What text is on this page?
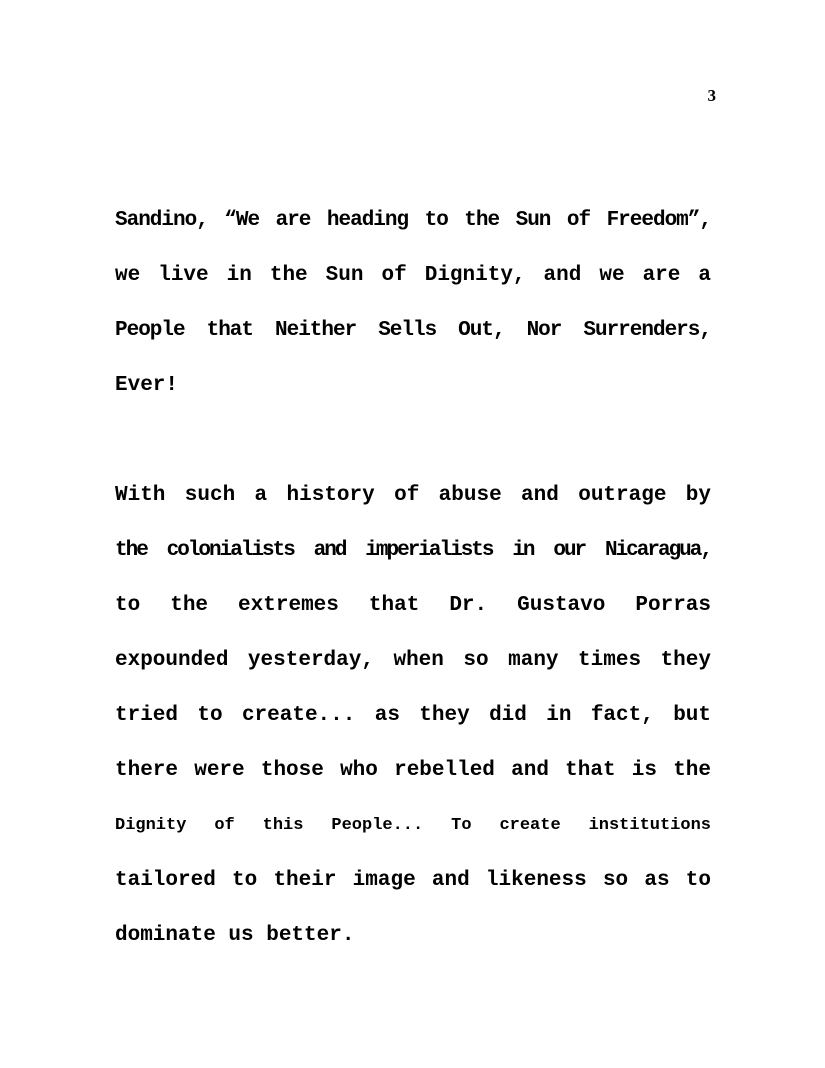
3
Sandino, “We are heading to the Sun of Freedom”,
we live in the Sun of Dignity, and we are a
People that Neither Sells Out, Nor Surrenders,
Ever!
With such a history of abuse and outrage by
the colonialists and imperialists in our Nicaragua,
to the extremes that Dr. Gustavo Porras
expounded yesterday, when so many times they
tried to create... as they did in fact, but
there were those who rebelled and that is the
Dignity of this People... To create institutions
tailored to their image and likeness so as to
dominate us better.
